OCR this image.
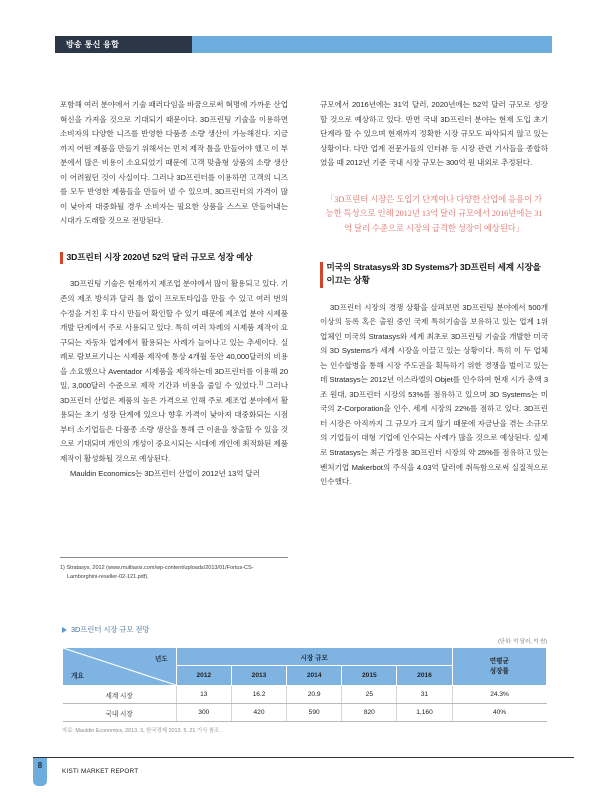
방송 통신 융합

포함해 여러 분야에서 기술 패러다임을 바꿈으로써 혁명에 가까운 산업 혁신을 가져올 것으로 기대되기 때문이다. 3D프린팅 기술을 이용하면 소비자의 다양한 니즈를 반영한 다품종 소량 생산이 가능해진다. 지금까지 어떤 제품을 만들기 위해서는 먼저 제작 틀을 만들어야 했고 이 부분에서 많은 비용이 소요되었기 때문에 고객 맞춤형 상품의 소량 생산이 어려웠던 것이 사실이다. 그러나 3D프린터를 이용하면 고객의 니즈를 모두 반영한 제품들을 만들어 낼 수 있으며, 3D프린터의 가격이 많이 낮아져 대중화될 경우 소비자는 필요한 상품을 스스로 만들어내는 시대가 도래할 것으로 전망된다.

3D프린터 시장 2020년 52억 달러 규모로 성장 예상

3D프린팅 기술은 현재까지 제조업 분야에서 많이 활용되고 있다. 기존의 제조 방식과 달리 틀 없이 프로토타입을 만들 수 있고 여러 번의 수정을 거친 후 다시 만들어 확인할 수 있기 때문에 제조업 분야 시제품 개발 단계에서 주로 사용되고 있다. 특히 여러 차례의 시제품 제작이 요구되는 자동차 업계에서 활용되는 사례가 늘어나고 있는 추세이다. 실례로 람보르기니는 시제품 제작에 통상 4개월 동안 40,000달러의 비용을 소요했으나 Aventador 시제품을 제작하는데 3D프린터를 이용해 20일, 3,000달러 수준으로 제작 기간과 비용을 줄일 수 있었다.$^{1)}$ 그러나 3D프린터 산업은 제품의 높은 가격으로 인해 주로 제조업 분야에서 활용되는 초기 성장 단계에 있으나 향후 가격이 낮아져 대중화되는 시점부터 소기업들은 다품종 소량 생산을 통해 큰 이윤을 창출할 수 있을 것으로 기대되며 개인의 개성이 중요시되는 시대에 개인에 최적화된 제품 제작이 활성화될 것으로 예상된다.

Mauldin Economics는 3D프린터 산업이 2012년 13억 달러

규모에서 2016년에는 31억 달러, 2020년에는 52억 달러 규모로 성장할 것으로 예상하고 있다. 반면 국내 3D프린터 분야는 현재 도입 초기 단계라 할 수 있으며 현재까지 정확한 시장 규모도 파악되지 않고 있는 상황이다. 다만 업계 전문가들의 인터뷰 등 시장 관련 기사들을 종합하였을 때 2012년 기준 국내 시장 규모는 300억 원 내외로 추정된다.

「3D프린터 시장은 도입기 단계이나 다양한 산업에 응용이 가능한 특성으로 인해 2012년 13억 달러 규모에서 2016년에는 31억 달러 수준으로 시장의 급격한 성장이 예상된다」
미국의 Stratasys와 3D Systems가 3D프린터 세계 시장을 이끄는 상황

3D프린터 시장의 경쟁 상황을 살펴보면 3D프린팅 분야에서 500개 이상의 등록 혹은 출원 중인 국제 특허기술을 보유하고 있는 업계 1위 업체인 미국의 Stratasys와 세계 최초로 3D프린팅 기술을 개발한 미국의 3D Systems가 세계 시장을 이끌고 있는 상황이다. 특히 이 두 업체는 인수합병을 통해 시장 주도권을 획득하기 위한 경쟁을 벌이고 있는데 Stratasys는 2012년 이스라엘의 Objet를 인수하여 현재 시가 총액 3조 원대, 3D프린터 시장의 53%를 점유하고 있으며 3D Systems는 미국의 Z-Corporation을 인수, 세계 시장의 22%를 점하고 있다. 3D프린터 시장은 아직까지 그 규모가 크지 않기 때문에 자금난을 겪는 소규모의 기업들이 대형 기업에 인수되는 사례가 많을 것으로 예상된다. 실제로 Stratasys는 최근 가정용 3D프린터 시장의 약 25%를 점유하고 있는 벤처기업 Makerbot의 주식을 4.03억 달러에 취득함으로써 실질적으로 인수했다.

1) Stratasys, 2012 (www.multiaxis.com/wp-content/uploads/2013/01/Fortus-CS-
Lamborghini-reseller-02-121.pdf).
3D프린터 시장 규모 전망
(단위: 억 달러, 억 원)
년도
개요
	시장 규모	연평균
성장률

	2012	2013	2014	2015	2016	
세계 시장	13	16.2	20.9	25	31	24.3%
국내 시장	300	420	590	820	1,160	40%
자료: Mauldin Economics, 2013. 3, 한국경제 2013. 5. 21 기사 참조.
8
KISTI MARKET REPORT
